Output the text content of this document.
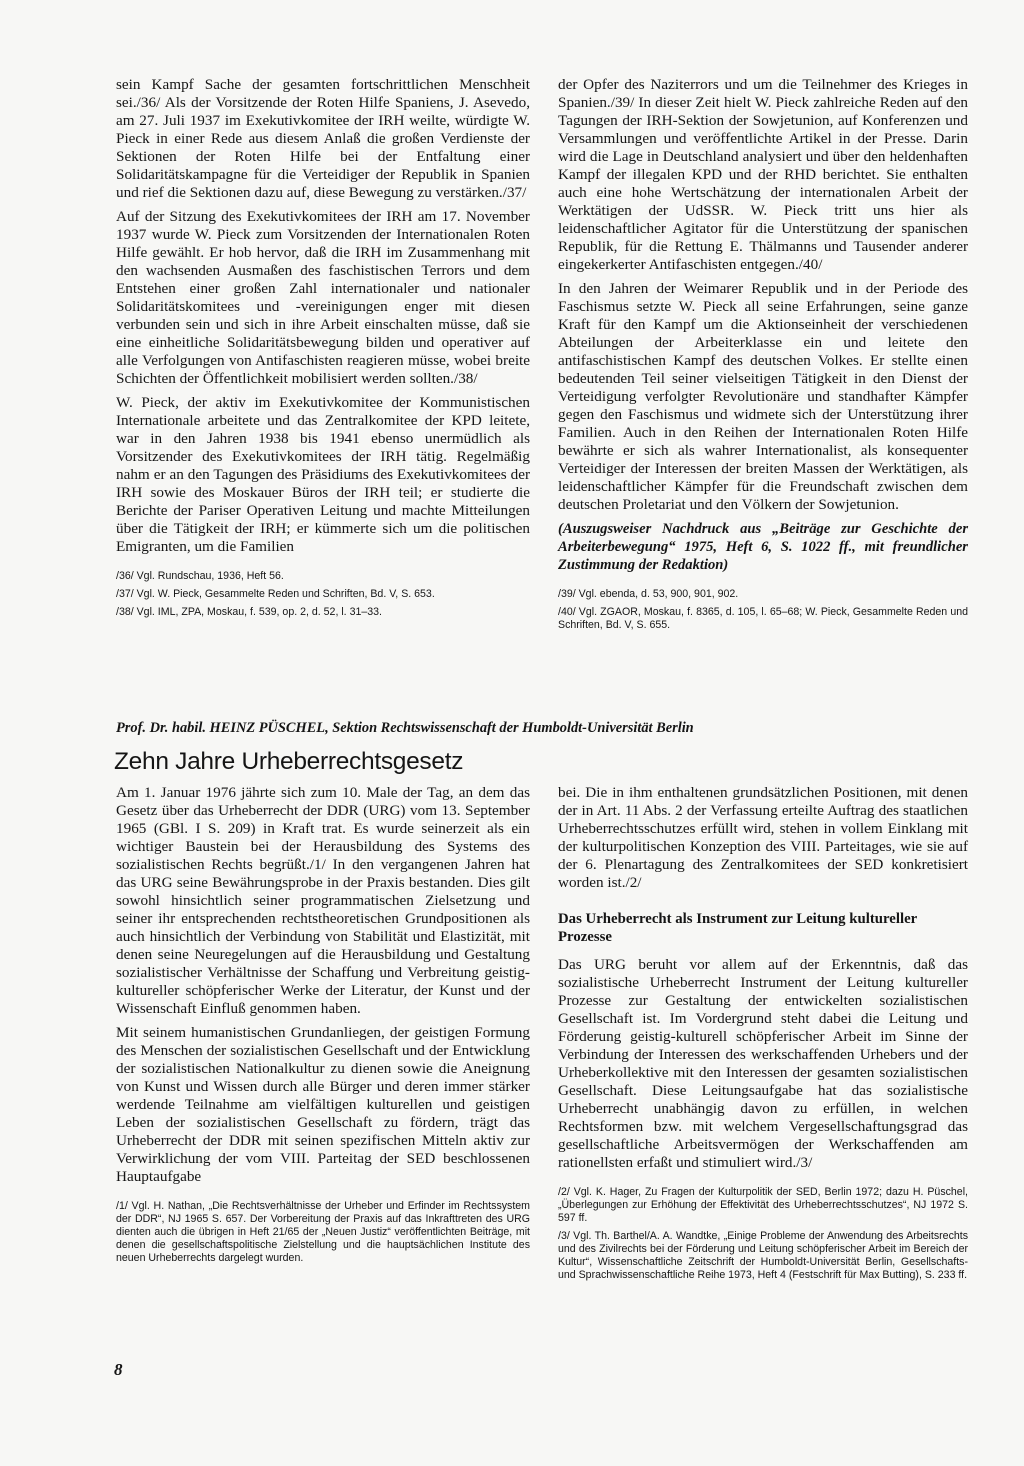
sein Kampf Sache der gesamten fortschrittlichen Menschheit sei./36/ Als der Vorsitzende der Roten Hilfe Spaniens, J. Asevedo, am 27. Juli 1937 im Exekutivkomitee der IRH weilte, würdigte W. Pieck in einer Rede aus diesem Anlaß die großen Verdienste der Sektionen der Roten Hilfe bei der Entfaltung einer Solidaritätskampagne für die Verteidiger der Republik in Spanien und rief die Sektionen dazu auf, diese Bewegung zu verstärken./37/

Auf der Sitzung des Exekutivkomitees der IRH am 17. November 1937 wurde W. Pieck zum Vorsitzenden der Internationalen Roten Hilfe gewählt. Er hob hervor, daß die IRH im Zusammenhang mit den wachsenden Ausmaßen des faschistischen Terrors und dem Entstehen einer großen Zahl internationaler und nationaler Solidaritätskomitees und -vereinigungen enger mit diesen verbunden sein und sich in ihre Arbeit einschalten müsse, daß sie eine einheitliche Solidaritätsbewegung bilden und operativer auf alle Verfolgungen von Antifaschisten reagieren müsse, wobei breite Schichten der Öffentlichkeit mobilisiert werden sollten./38/

W. Pieck, der aktiv im Exekutivkomitee der Kommunistischen Internationale arbeitete und das Zentralkomitee der KPD leitete, war in den Jahren 1938 bis 1941 ebenso unermüdlich als Vorsitzender des Exekutivkomitees der IRH tätig. Regelmäßig nahm er an den Tagungen des Präsidiums des Exekutivkomitees der IRH sowie des Moskauer Büros der IRH teil; er studierte die Berichte der Pariser Operativen Leitung und machte Mitteilungen über die Tätigkeit der IRH; er kümmerte sich um die politischen Emigranten, um die Familien

/36/ Vgl. Rundschau, 1936, Heft 56.

/37/ Vgl. W. Pieck, Gesammelte Reden und Schriften, Bd. V, S. 653.

/38/ Vgl. IML, ZPA, Moskau, f. 539, op. 2, d. 52, l. 31–33.

der Opfer des Naziterrors und um die Teilnehmer des Krieges in Spanien./39/ In dieser Zeit hielt W. Pieck zahlreiche Reden auf den Tagungen der IRH-Sektion der Sowjetunion, auf Konferenzen und Versammlungen und veröffentlichte Artikel in der Presse. Darin wird die Lage in Deutschland analysiert und über den heldenhaften Kampf der illegalen KPD und der RHD berichtet. Sie enthalten auch eine hohe Wertschätzung der internationalen Arbeit der Werktätigen der UdSSR. W. Pieck tritt uns hier als leidenschaftlicher Agitator für die Unterstützung der spanischen Republik, für die Rettung E. Thälmanns und Tausender anderer eingekerkerter Antifaschisten entgegen./40/

In den Jahren der Weimarer Republik und in der Periode des Faschismus setzte W. Pieck all seine Erfahrungen, seine ganze Kraft für den Kampf um die Aktionseinheit der verschiedenen Abteilungen der Arbeiterklasse ein und leitete den antifaschistischen Kampf des deutschen Volkes. Er stellte einen bedeutenden Teil seiner vielseitigen Tätigkeit in den Dienst der Verteidigung verfolgter Revolutionäre und standhafter Kämpfer gegen den Faschismus und widmete sich der Unterstützung ihrer Familien. Auch in den Reihen der Internationalen Roten Hilfe bewährte er sich als wahrer Internationalist, als konsequenter Verteidiger der Interessen der breiten Massen der Werktätigen, als leidenschaftlicher Kämpfer für die Freundschaft zwischen dem deutschen Proletariat und den Völkern der Sowjetunion.

(Auszugsweiser Nachdruck aus „Beiträge zur Geschichte der Arbeiterbewegung“ 1975, Heft 6, S. 1022 ff., mit freundlicher Zustimmung der Redaktion)

/39/ Vgl. ebenda, d. 53, 900, 901, 902.

/40/ Vgl. ZGAOR, Moskau, f. 8365, d. 105, l. 65–68; W. Pieck, Gesammelte Reden und Schriften, Bd. V, S. 655.

Prof. Dr. habil. HEINZ PÜSCHEL, Sektion Rechtswissenschaft der Humboldt-Universität Berlin
Zehn Jahre Urheberrechtsgesetz

Am 1. Januar 1976 jährte sich zum 10. Male der Tag, an dem das Gesetz über das Urheberrecht der DDR (URG) vom 13. September 1965 (GBl. I S. 209) in Kraft trat. Es wurde seinerzeit als ein wichtiger Baustein bei der Herausbildung des Systems des sozialistischen Rechts begrüßt./1/ In den vergangenen Jahren hat das URG seine Bewährungsprobe in der Praxis bestanden. Dies gilt sowohl hinsichtlich seiner programmatischen Zielsetzung und seiner ihr entsprechenden rechtstheoretischen Grundpositionen als auch hinsichtlich der Verbindung von Stabilität und Elastizität, mit denen seine Neuregelungen auf die Herausbildung und Gestaltung sozialistischer Verhältnisse der Schaffung und Verbreitung geistig-kultureller schöpferischer Werke der Literatur, der Kunst und der Wissenschaft Einfluß genommen haben.

Mit seinem humanistischen Grundanliegen, der geistigen Formung des Menschen der sozialistischen Gesellschaft und der Entwicklung der sozialistischen Nationalkultur zu dienen sowie die Aneignung von Kunst und Wissen durch alle Bürger und deren immer stärker werdende Teilnahme am vielfältigen kulturellen und geistigen Leben der sozialistischen Gesellschaft zu fördern, trägt das Urheberrecht der DDR mit seinen spezifischen Mitteln aktiv zur Verwirklichung der vom VIII. Parteitag der SED beschlossenen Hauptaufgabe

/1/ Vgl. H. Nathan, „Die Rechtsverhältnisse der Urheber und Erfinder im Rechtssystem der DDR“, NJ 1965 S. 657. Der Vorbereitung der Praxis auf das Inkrafttreten des URG dienten auch die übrigen in Heft 21/65 der „Neuen Justiz“ veröffentlichten Beiträge, mit denen die gesellschaftspolitische Zielstellung und die hauptsächlichen Institute des neuen Urheberrechts dargelegt wurden.

bei. Die in ihm enthaltenen grundsätzlichen Positionen, mit denen der in Art. 11 Abs. 2 der Verfassung erteilte Auftrag des staatlichen Urheberrechtsschutzes erfüllt wird, stehen in vollem Einklang mit der kulturpolitischen Konzeption des VIII. Parteitages, wie sie auf der 6. Plenartagung des Zentralkomitees der SED konkretisiert worden ist./2/

Das Urheberrecht als Instrument zur Leitung kultureller Prozesse

Das URG beruht vor allem auf der Erkenntnis, daß das sozialistische Urheberrecht Instrument der Leitung kultureller Prozesse zur Gestaltung der entwickelten sozialistischen Gesellschaft ist. Im Vordergrund steht dabei die Leitung und Förderung geistig-kulturell schöpferischer Arbeit im Sinne der Verbindung der Interessen des werkschaffenden Urhebers und der Urheberkollektive mit den Interessen der gesamten sozialistischen Gesellschaft. Diese Leitungsaufgabe hat das sozialistische Urheberrecht unabhängig davon zu erfüllen, in welchen Rechtsformen bzw. mit welchem Vergesellschaftungsgrad das gesellschaftliche Arbeitsvermögen der Werkschaffenden am rationellsten erfaßt und stimuliert wird./3/

/2/ Vgl. K. Hager, Zu Fragen der Kulturpolitik der SED, Berlin 1972; dazu H. Püschel, „Überlegungen zur Erhöhung der Effektivität des Urheberrechtsschutzes“, NJ 1972 S. 597 ff.

/3/ Vgl. Th. Barthel/A. A. Wandtke, „Einige Probleme der Anwendung des Arbeitsrechts und des Zivilrechts bei der Förderung und Leitung schöpferischer Arbeit im Bereich der Kultur“, Wissenschaftliche Zeitschrift der Humboldt-Universität Berlin, Gesellschafts- und Sprachwissenschaftliche Reihe 1973, Heft 4 (Festschrift für Max Butting), S. 233 ff.

8
